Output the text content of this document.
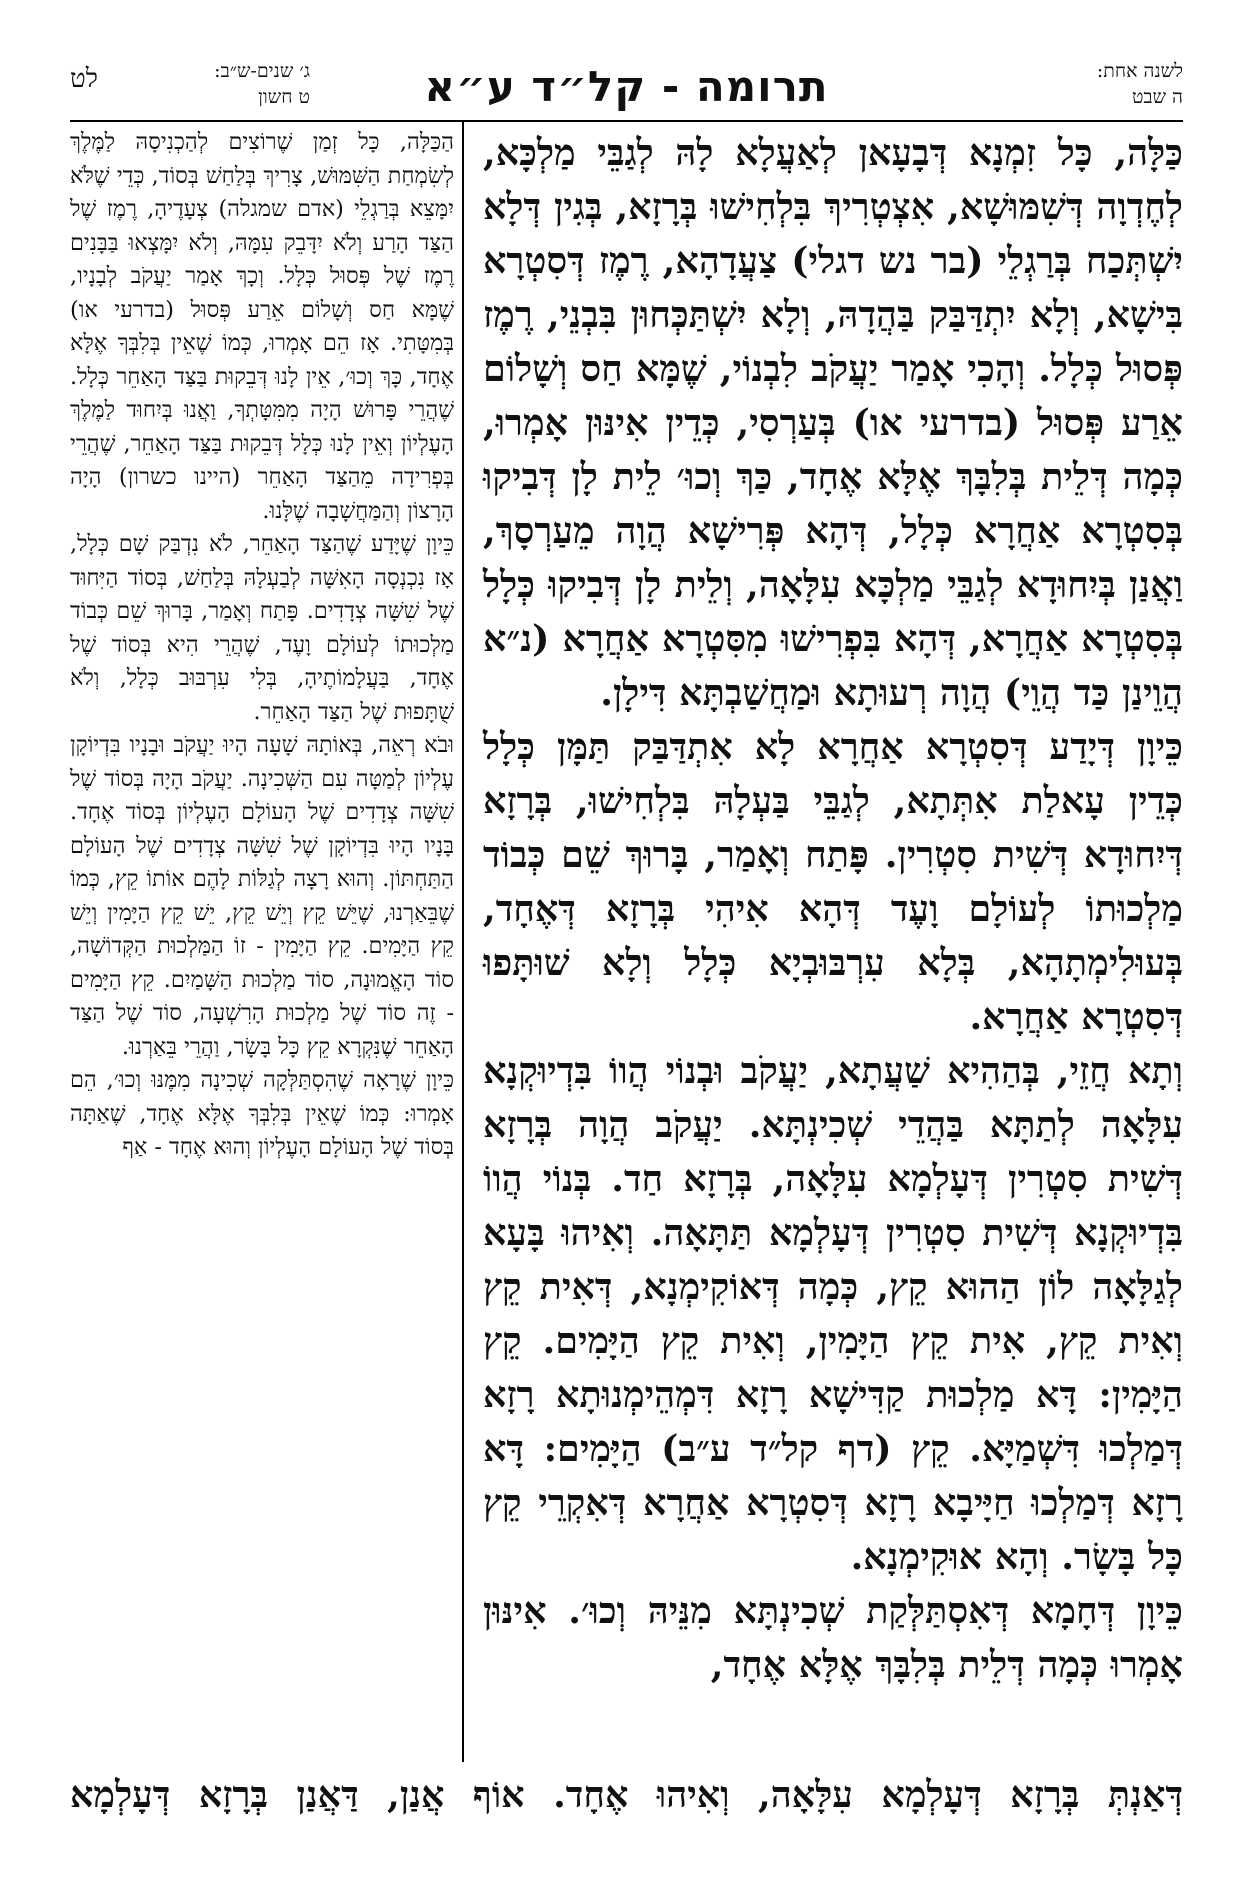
לשנה אחת:
ה שבט
תרומה - קל״ד ע״א
ג׳ שנים-ש״ב:
ט חשון
לט

כַּלָּה, כָּל זִמְנָא דְּבָעָאן לְאַעֲלָא לָהּ לְגַבֵּי מַלְכָּא, לְחֶדְוָה דְּשִׁמּוּשָׁא, אִצְטְרִיךְ בִּלְחִישׁוּ בְּרָזָא, בְּגִין דְּלָא יִשְׁתְּכַח בְּרַגְלֵי (בר נש דגלי) צַעֲדָהָא, רֶמֶז דְּסִטְרָא בִּישָׁא, וְלָא יִתְדַּבַּק בַּהֲדָהּ, וְלָא יִשְׁתַּכְּחוּן בִּבְנֵי, רֶמֶז פְּסוּל כְּלָל. וְהָכִי אָמַר יַעֲקֹב לִבְנוֹי, שֶׁמָּא חַס וְשָׁלוֹם אֵרַע פְּסוּל (בדרעי או) בְּעַרְסִי, כְּדֵין אִינּוּן אָמְרוּ, כְּמָה דְּלֵית בְּלִבָּךְ אֶלָּא אֶחָד, כַּךְ וְכוּ׳ לֵית לָן דְּבִיקוּ בְּסִטְרָא אַחֲרָא כְּלָל, דְּהָא פְּרִישָׁא הֲוָה מֵעַרְסָךְ, וַאֲנַן בְּיִחוּדָא לְגַבֵּי מַלְכָּא עִלָּאָה, וְלֵית לָן דְּבִיקוּ כְּלָל בְּסִטְרָא אַחֲרָא, דְּהָא בִּפְרִישׁוּ מִסִּטְרָא אַחֲרָא (נ״א הֲוֵינַן כַּד הֲוֵי) הֲוָה רְעוּתָא וּמַחֲשַׁבְתָּא דִּילָן.

כֵּיוָן דְּיָדַע דְּסִטְרָא אַחֲרָא לָא אִתְדַּבַּק תַּמָּן כְּלָל כְּדֵין עָאלַת אִתְּתָא, לְגַבֵּי בַּעְלָהּ בִּלְחִישׁוּ, בְּרָזָא דְּיִחוּדָא דְּשִׁית סִטְרִין. פָּתַח וְאָמַר, בָּרוּךְ שֵׁם כְּבוֹד מַלְכוּתוֹ לְעוֹלָם וָעֶד דְּהָא אִיהִי בְּרָזָא דְּאֶחָד, בְּעוּלִימְתָהָא, בְּלָא עִרְבּוּבְיָא כְּלָל וְלָא שׁוּתָּפוּ דְּסִטְרָא אַחֲרָא.

וְתָא חֲזֵי, בְּהַהִיא שַׁעֲתָא, יַעֲקֹב וּבְנוֹי הֲווֹ בִּדְיוּקְנָא עִלָּאָה לְתַתָּא בַּהֲדֵי שְׁכִינְתָּא. יַעֲקֹב הֲוָה בְּרָזָא דְּשִׁית סִטְרִין דְּעָלְמָא עִלָּאָה, בְּרָזָא חַד. בְּנוֹי הֲווֹ בִּדְיוּקְנָא דְּשִׁית סִטְרִין דְּעָלְמָא תַּתָּאָה. וְאִיהוּ בָּעָא לְגַלָּאָה לוֹן הַהוּא קֵץ, כְּמָה דְּאוֹקִימְנָא, דְּאִית קֵץ וְאִית קֵץ, אִית קֵץ הַיָּמִין, וְאִית קֵץ הַיָּמִים. קֵץ הַיָּמִין: דָּא מַלְכוּת קַדִּישָׁא רָזָא דִּמְהֵימְנוּתָא רָזָא דְּמַלְכוּ דִּשְׁמַיָּא. קֵץ (דף קל״ד ע״ב) הַיָּמִים: דָּא רָזָא דְּמַלְכוּ חַיָּיבָא רָזָא דְּסִטְרָא אַחֲרָא דְּאִקְרֵי קֵץ כָּל בָּשָׂר. וְהָא אוּקִימְנָא.

כֵּיוָן דְּחָמָא דְּאִסְתַּלְּקַת שְׁכִינְתָּא מִנֵּיהּ וְכוּ׳. אִינּוּן אָמְרוּ כְּמָה דְּלֵית בְּלִבָּךְ אֶלָּא אֶחָד,

הַכַּלָּה, כָּל זְמַן שֶׁרוֹצִים לְהַכְנִיסָהּ לַמֶּלֶךְ לְשִׂמְחַת הַשִּׁמּוּשׁ, צָרִיךְ בְּלַחַשׁ בְּסוֹד, כְּדֵי שֶׁלֹּא יִמָּצֵא בְּרַגְלֵי (אדם שמגלה) צְעָדֶיהָ, רֶמֶז שֶׁל הַצַּד הָרַע וְלֹא יִדָּבֵק עִמָּהּ, וְלֹא יִמָּצְאוּ בַּבָּנִים רֶמֶז שֶׁל פְּסוּל כְּלָל. וְכָךְ אָמַר יַעֲקֹב לְבָנָיו, שֶׁמָּא חַס וְשָׁלוֹם אֵרַע פְּסוּל (בדרעי או) בְּמִטָּתִי. אָז הֵם אָמְרוּ, כְּמוֹ שֶׁאֵין בְּלִבְּךָ אֶלָּא אֶחָד, כָּךְ וְכוּ׳, אֵין לָנוּ דְּבֵקוּת בַּצַּד הָאַחֵר כְּלָל. שֶׁהֲרֵי פָּרוּשׁ הָיָה מִמִּטָּתְךָ, וַאֲנוּ בְּיִחוּד לַמֶּלֶךְ הָעֶלְיוֹן וְאֵין לָנוּ כְּלָל דְּבֵקוּת בַּצַּד הָאַחֵר, שֶׁהֲרֵי בְּפְרִידָה מֵהַצַּד הָאַחֵר (היינו כשרון) הָיָה הָרָצוֹן וְהַמַּחֲשָׁבָה שֶׁלָּנוּ.

כֵּיוָן שֶׁיָּדַע שֶׁהַצַּד הָאַחֵר, לֹא נִדְבַּק שָׁם כְּלָל, אָז נִכְנְסָה הָאִשָּׁה לְבַעְלָהּ בְּלַחַשׁ, בְּסוֹד הַיִּחוּד שֶׁל שִׁשָּׁה צְדָדִים. פָּתַח וְאָמַר, בָּרוּךְ שֵׁם כְּבוֹד מַלְכוּתוֹ לְעוֹלָם וָעֶד, שֶׁהֲרֵי הִיא בְּסוֹד שֶׁל אֶחָד, בַּעֲלָמוֹתֶיהָ, בְּלִי עִרְבּוּב כְּלָל, וְלֹא שֻׁתָּפוּת שֶׁל הַצַּד הָאַחֵר.

וּבֹא רְאֵה, בְּאוֹתָהּ שָׁעָה הָיוּ יַעֲקֹב וּבָנָיו בִּדְיוֹקָן עֶלְיוֹן לְמַטָּה עִם הַשְּׁכִינָה. יַעֲקֹב הָיָה בְּסוֹד שֶׁל שִׁשָּׁה צְדָדִים שֶׁל הָעוֹלָם הָעֶלְיוֹן בְּסוֹד אֶחָד. בָּנָיו הָיוּ בִּדְיוֹקָן שֶׁל שִׁשָּׁה צְדָדִים שֶׁל הָעוֹלָם הַתַּחְתּוֹן. וְהוּא רָצָה לְגַלּוֹת לָהֶם אוֹתוֹ קֵץ, כְּמוֹ שֶׁבֵּאַרְנוּ, שֶׁיֵּשׁ קֵץ וְיֵשׁ קֵץ, יֵשׁ קֵץ הַיָּמִין וְיֵשׁ קֵץ הַיָּמִים. קֵץ הַיָּמִין - זוֹ הַמַּלְכוּת הַקְּדוֹשָׁה, סוֹד הָאֱמוּנָה, סוֹד מַלְכוּת הַשָּׁמַיִם. קֵץ הַיָּמִים - זֶה סוֹד שֶׁל מַלְכוּת הָרִשְׁעָה, סוֹד שֶׁל הַצַּד הָאַחֵר שֶׁנִּקְרָא קֵץ כָּל בָּשָׂר, וַהֲרֵי בֵּאַרְנוּ.

כֵּיוָן שֶׁרָאָה שֶׁהִסְתַּלְּקָה שְׁכִינָה מִמֶּנּוּ וְכוּ׳, הֵם אָמְרוּ: כְּמוֹ שֶׁאֵין בְּלִבְּךָ אֶלָּא אֶחָד, שֶׁאַתָּה בְּסוֹד שֶׁל הָעוֹלָם הָעֶלְיוֹן וְהוּא אֶחָד - אַף

דְּאַנְתְּ בְּרָזָא דְּעָלְמָא עִלָּאָה, וְאִיהוּ אֶחָד. אוֹף אֲנַן, דַּאֲנַן בְּרָזָא דְּעָלְמָא
